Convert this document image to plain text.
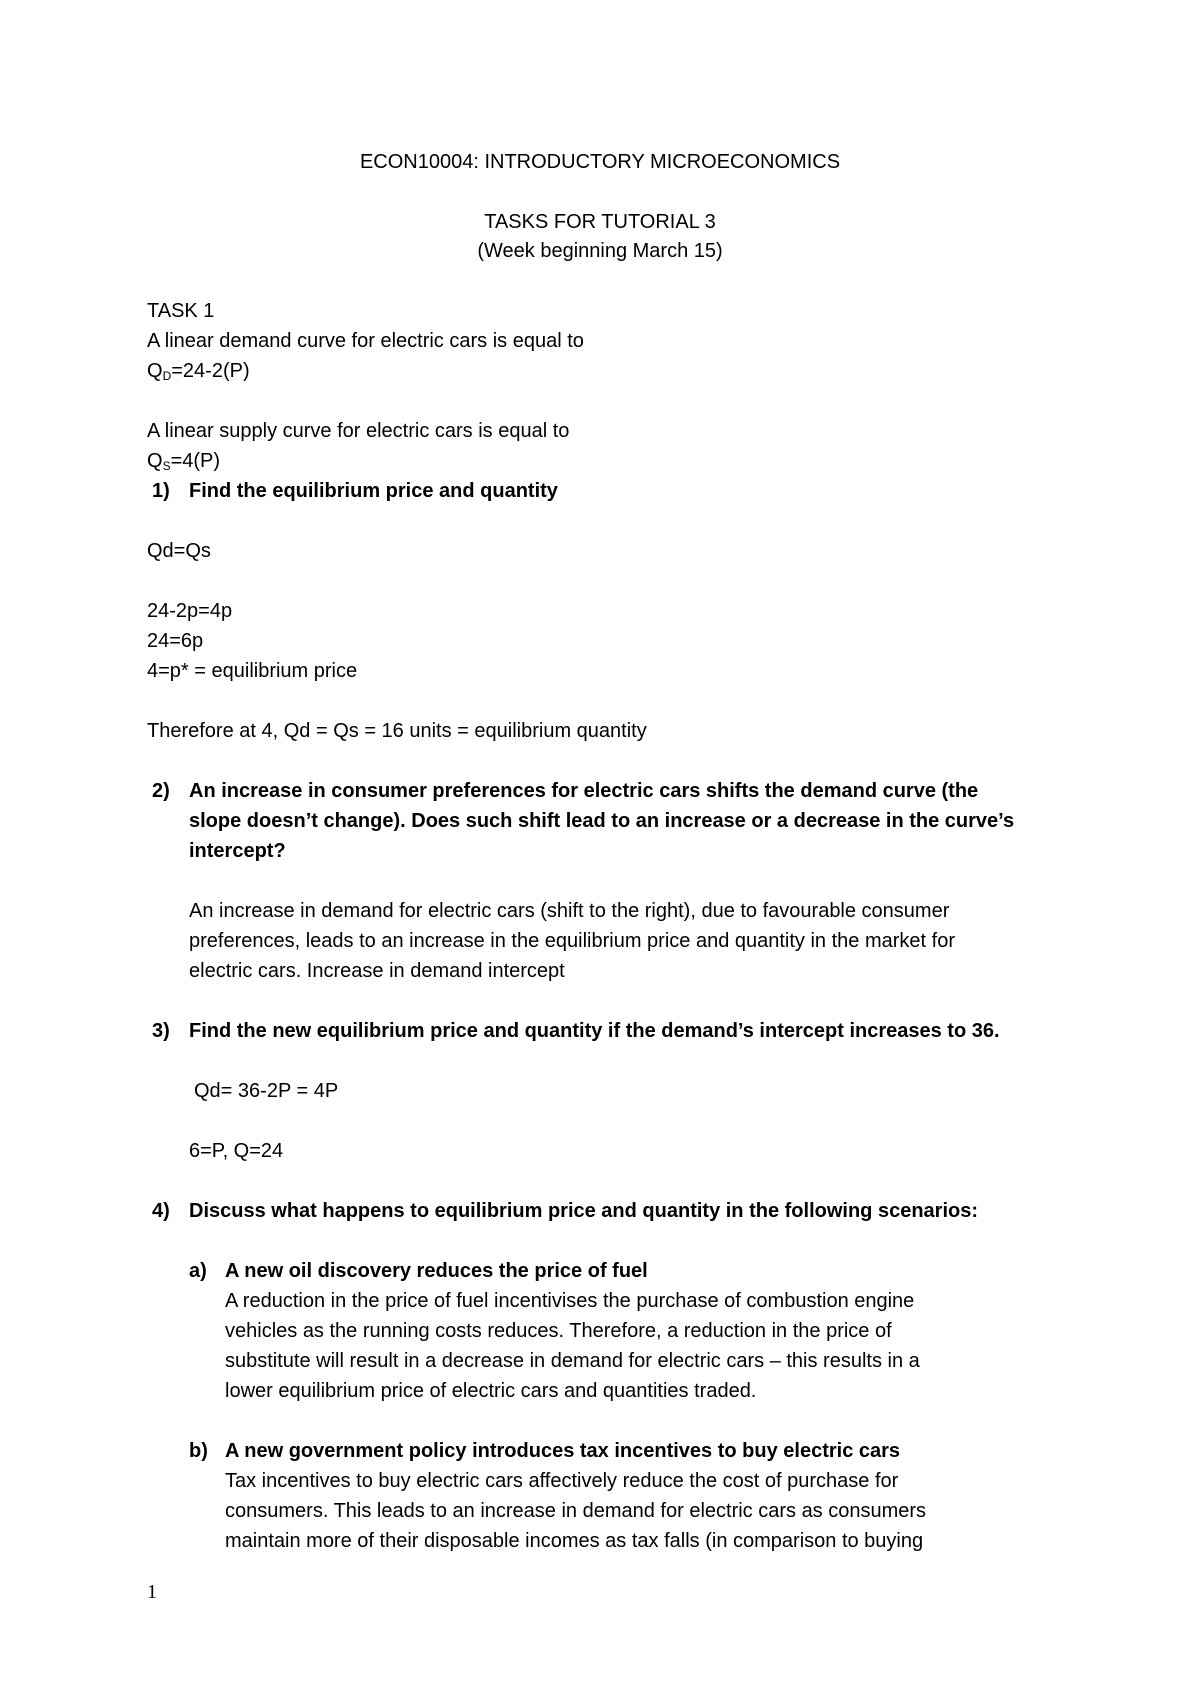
ECON10004: INTRODUCTORY MICROECONOMICS
TASKS FOR TUTORIAL 3
(Week beginning March 15)
TASK 1
A linear demand curve for electric cars is equal to
$Q_D=24-2(P)$
A linear supply curve for electric cars is equal to
$Q_S=4(P)$
1) Find the equilibrium price and quantity
Qd=Qs
24-2p=4p
24=6p
4=p* = equilibrium price
Therefore at 4, Qd = Qs = 16 units = equilibrium quantity
2) An increase in consumer preferences for electric cars shifts the demand curve (the
slope doesn’t change). Does such shift lead to an increase or a decrease in the curve’s
intercept?
An increase in demand for electric cars (shift to the right), due to favourable consumer
preferences, leads to an increase in the equilibrium price and quantity in the market for
electric cars. Increase in demand intercept
3) Find the new equilibrium price and quantity if the demand’s intercept increases to 36.
Qd= 36-2P = 4P
6=P, Q=24
4) Discuss what happens to equilibrium price and quantity in the following scenarios:
a) A new oil discovery reduces the price of fuel
A reduction in the price of fuel incentivises the purchase of combustion engine
vehicles as the running costs reduces. Therefore, a reduction in the price of
substitute will result in a decrease in demand for electric cars – this results in a
lower equilibrium price of electric cars and quantities traded.
b) A new government policy introduces tax incentives to buy electric cars
Tax incentives to buy electric cars affectively reduce the cost of purchase for
consumers. This leads to an increase in demand for electric cars as consumers
maintain more of their disposable incomes as tax falls (in comparison to buying
1
